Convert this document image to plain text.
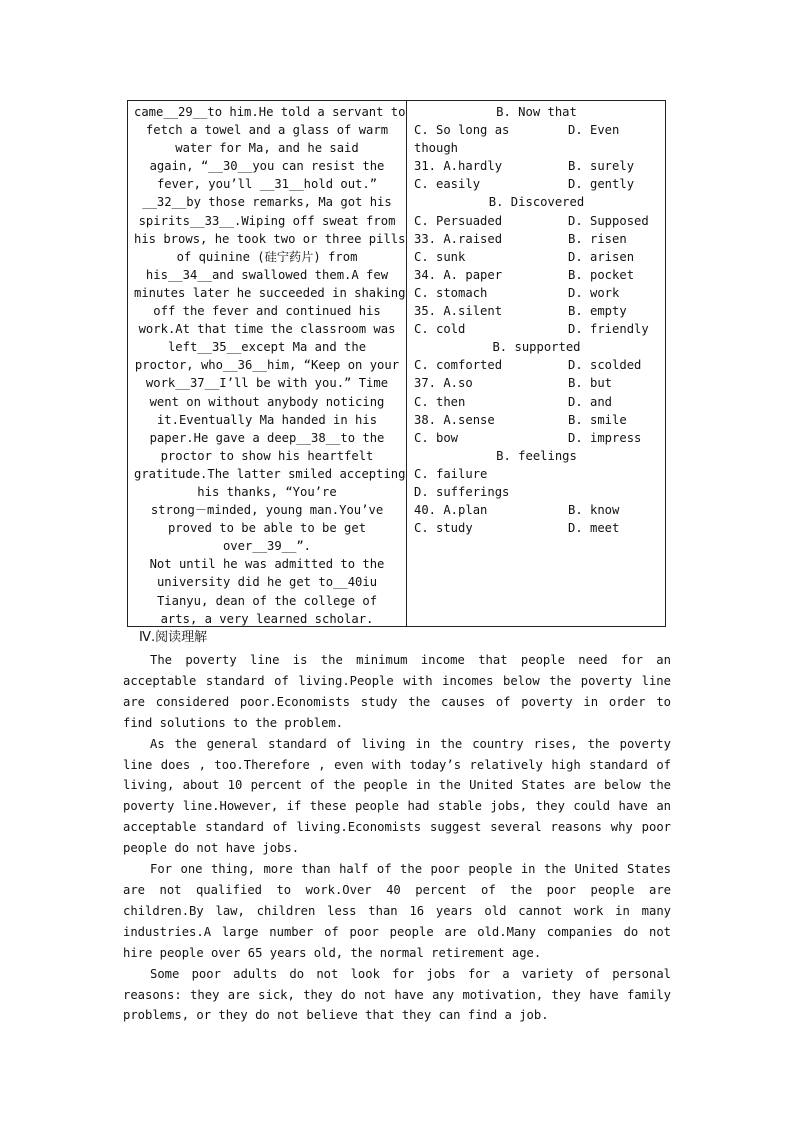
came__29__to him.He told a servant to
fetch a towel and a glass of warm
water for Ma, and he said
again, “__30__you can resist the
fever, you’ll __31__hold out.”
__32__by those remarks, Ma got his
spirits__33__.Wiping off sweat from
his brows, he took two or three pills
of quinine (硅宁药片) from
his__34__and swallowed them.A few
minutes later he succeeded in shaking
off the fever and continued his
work.At that time the classroom was
left__35__except Ma and the
proctor, who__36__him, “Keep on your
work__37__I’ll be with you.” Time
went on without anybody noticing
it.Eventually Ma handed in his
paper.He gave a deep__38__to the
proctor to show his heartfelt
gratitude.The latter smiled accepting
his thanks, “You’re
strong－minded, young man.You’ve
proved to be able to be get
over__39__”.
Not until he was admitted to the
university did he get to__40iu
Tianyu, dean of the college of
arts, a very learned scholar.
B. Now that
C. So long as	D. Even
though
31. A.hardly	B. surely
C. easily	D. gently
B. Discovered
C. Persuaded	D. Supposed
33. A.raised	B. risen
C. sunk	D. arisen
34. A. paper	B. pocket
C. stomach	D. work
35. A.silent	B. empty
C. cold	D. friendly
B. supported
C. comforted	D. scolded
37. A.so	B. but
C. then	D. and
38. A.sense	B. smile
C. bow	D. impress
B. feelings
C. failure
D. sufferings
40. A.plan	B. know
C. study	D. meet
Ⅳ.阅读理解

The poverty line is the minimum income that people need for an acceptable standard of living.People with incomes below the poverty line are considered poor.Economists study the causes of poverty in order to find solutions to the problem.

As the general standard of living in the country rises, the poverty line does , too.Therefore , even with today’s relatively high standard of living, about 10 percent of the people in the United States are below the poverty line.However, if these people had stable jobs, they could have an acceptable standard of living.Economists suggest several reasons why poor people do not have jobs.

For one thing, more than half of the poor people in the United States are not qualified to work.Over 40 percent of the poor people are children.By law, children less than 16 years old cannot work in many industries.A large number of poor people are old.Many companies do not hire people over 65 years old, the normal retirement age.

Some poor adults do not look for jobs for a variety of personal reasons: they are sick, they do not have any motivation, they have family problems, or they do not believe that they can find a job.
